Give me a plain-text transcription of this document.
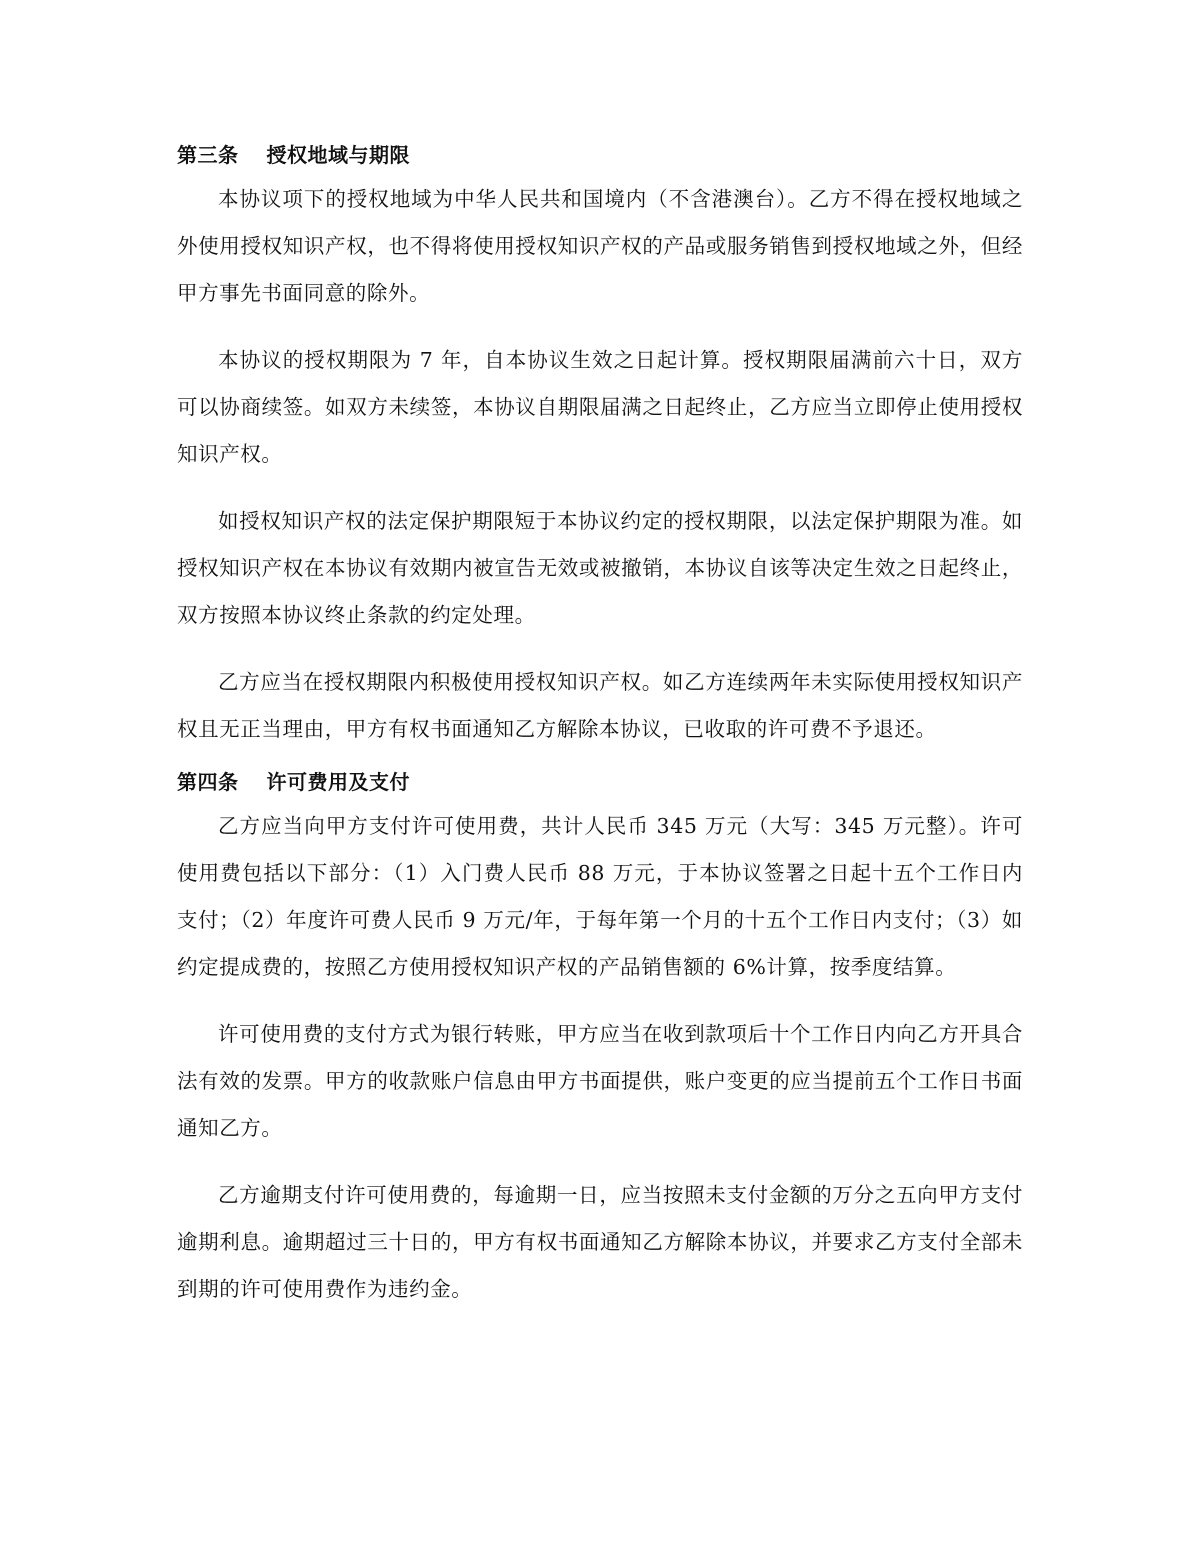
第三条 授权地域与期限

本协议项下的授权地域为中华人民共和国境内（不含港澳台）。乙方不得在授权地域之外使用授权知识产权，也不得将使用授权知识产权的产品或服务销售到授权地域之外，但经甲方事先书面同意的除外。

本协议的授权期限为 7 年，自本协议生效之日起计算。授权期限届满前六十日，双方可以协商续签。如双方未续签，本协议自期限届满之日起终止，乙方应当立即停止使用授权知识产权。

如授权知识产权的法定保护期限短于本协议约定的授权期限，以法定保护期限为准。如授权知识产权在本协议有效期内被宣告无效或被撤销，本协议自该等决定生效之日起终止，双方按照本协议终止条款的约定处理。

乙方应当在授权期限内积极使用授权知识产权。如乙方连续两年未实际使用授权知识产权且无正当理由，甲方有权书面通知乙方解除本协议，已收取的许可费不予退还。

第四条 许可费用及支付

乙方应当向甲方支付许可使用费，共计人民币 345 万元（大写：345 万元整）。许可使用费包括以下部分：（1）入门费人民币 88 万元，于本协议签署之日起十五个工作日内支付；（2）年度许可费人民币 9 万元/年，于每年第一个月的十五个工作日内支付；（3）如约定提成费的，按照乙方使用授权知识产权的产品销售额的 6%计算，按季度结算。

许可使用费的支付方式为银行转账，甲方应当在收到款项后十个工作日内向乙方开具合法有效的发票。甲方的收款账户信息由甲方书面提供，账户变更的应当提前五个工作日书面通知乙方。

乙方逾期支付许可使用费的，每逾期一日，应当按照未支付金额的万分之五向甲方支付逾期利息。逾期超过三十日的，甲方有权书面通知乙方解除本协议，并要求乙方支付全部未到期的许可使用费作为违约金。
